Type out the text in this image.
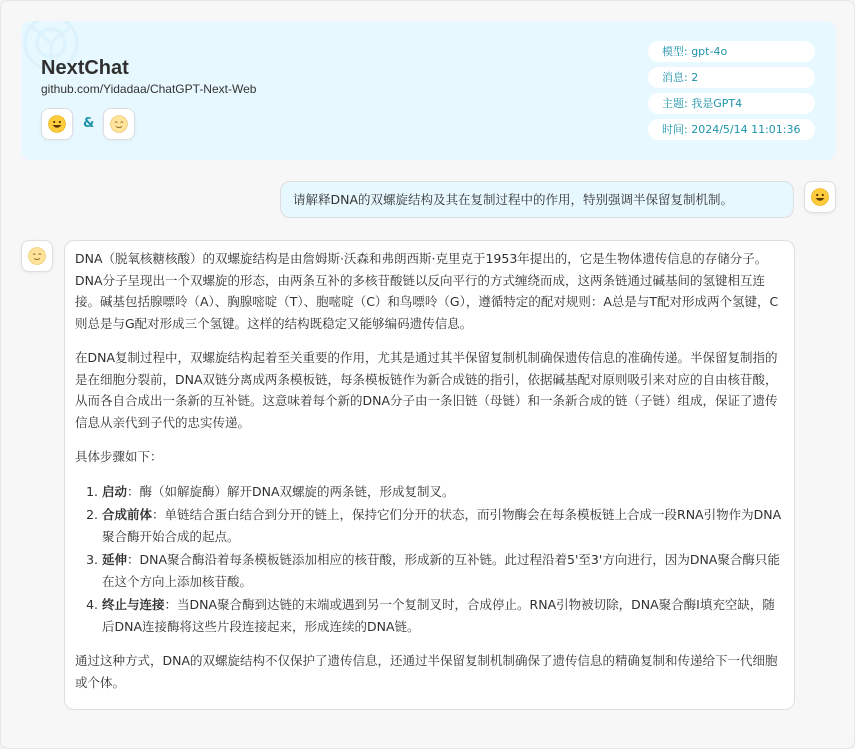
NextChat
github.com/Yidadaa/ChatGPT-Next-Web
&
模型: gpt-4o
消息: 2
主题: 我是GPT4
时间: 2024/5/14 11:01:36
请解释DNA的双螺旋结构及其在复制过程中的作用，特别强调半保留复制机制。

DNA（脱氧核糖核酸）的双螺旋结构是由詹姆斯·沃森和弗朗西斯·克里克于1953年提出的，它是生物体遗传信息的存储分子。DNA分子呈现出一个双螺旋的形态，由两条互补的多核苷酸链以反向平行的方式缠绕而成，这两条链通过碱基间的氢键相互连接。碱基包括腺嘌呤（A）、胸腺嘧啶（T）、胞嘧啶（C）和鸟嘌呤（G），遵循特定的配对规则：A总是与T配对形成两个氢键，C则总是与G配对形成三个氢键。这样的结构既稳定又能够编码遗传信息。

在DNA复制过程中，双螺旋结构起着至关重要的作用，尤其是通过其半保留复制机制确保遗传信息的准确传递。半保留复制指的是在细胞分裂前，DNA双链分离成两条模板链，每条模板链作为新合成链的指引，依据碱基配对原则吸引来对应的自由核苷酸，从而各自合成出一条新的互补链。这意味着每个新的DNA分子由一条旧链（母链）和一条新合成的链（子链）组成，保证了遗传信息从亲代到子代的忠实传递。

具体步骤如下：

1. 启动：酶（如解旋酶）解开DNA双螺旋的两条链，形成复制叉。
2. 合成前体：单链结合蛋白结合到分开的链上，保持它们分开的状态，而引物酶会在每条模板链上合成一段RNA引物作为DNA聚合酶开始合成的起点。
3. 延伸：DNA聚合酶沿着每条模板链添加相应的核苷酸，形成新的互补链。此过程沿着5'至3'方向进行，因为DNA聚合酶只能在这个方向上添加核苷酸。
4. 终止与连接：当DNA聚合酶到达链的末端或遇到另一个复制叉时，合成停止。RNA引物被切除，DNA聚合酶I填充空缺，随后DNA连接酶将这些片段连接起来，形成连续的DNA链。

通过这种方式，DNA的双螺旋结构不仅保护了遗传信息，还通过半保留复制机制确保了遗传信息的精确复制和传递给下一代细胞或个体。
